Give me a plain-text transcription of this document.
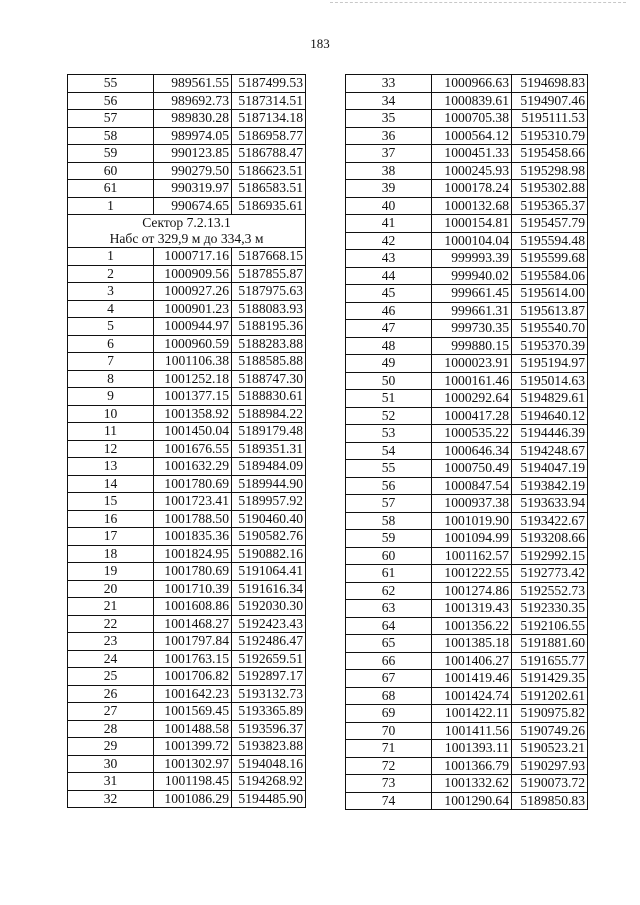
183
55	989561.55	5187499.53
56	989692.73	5187314.51
57	989830.28	5187134.18
58	989974.05	5186958.77
59	990123.85	5186788.47
60	990279.50	5186623.51
61	990319.97	5186583.51
1	990674.65	5186935.61

Сектор 7.2.13.1
Набс от 329,9 м до 334,3 м		

1	1000717.16	5187668.15
2	1000909.56	5187855.87
3	1000927.26	5187975.63
4	1000901.23	5188083.93
5	1000944.97	5188195.36
6	1000960.59	5188283.88
7	1001106.38	5188585.88
8	1001252.18	5188747.30
9	1001377.15	5188830.61
10	1001358.92	5188984.22
11	1001450.04	5189179.48
12	1001676.55	5189351.31
13	1001632.29	5189484.09
14	1001780.69	5189944.90
15	1001723.41	5189957.92
16	1001788.50	5190460.40
17	1001835.36	5190582.76
18	1001824.95	5190882.16
19	1001780.69	5191064.41
20	1001710.39	5191616.34
21	1001608.86	5192030.30
22	1001468.27	5192423.43
23	1001797.84	5192486.47
24	1001763.15	5192659.51
25	1001706.82	5192897.17
26	1001642.23	5193132.73
27	1001569.45	5193365.89
28	1001488.58	5193596.37
29	1001399.72	5193823.88
30	1001302.97	5194048.16
31	1001198.45	5194268.92
32	1001086.29	5194485.90
33	1000966.63	5194698.83
34	1000839.61	5194907.46
35	1000705.38	5195111.53
36	1000564.12	5195310.79
37	1000451.33	5195458.66
38	1000245.93	5195298.98
39	1000178.24	5195302.88
40	1000132.68	5195365.37
41	1000154.81	5195457.79
42	1000104.04	5195594.48
43	999993.39	5195599.68
44	999940.02	5195584.06
45	999661.45	5195614.00
46	999661.31	5195613.87
47	999730.35	5195540.70
48	999880.15	5195370.39
49	1000023.91	5195194.97
50	1000161.46	5195014.63
51	1000292.64	5194829.61
52	1000417.28	5194640.12
53	1000535.22	5194446.39
54	1000646.34	5194248.67
55	1000750.49	5194047.19
56	1000847.54	5193842.19
57	1000937.38	5193633.94
58	1001019.90	5193422.67
59	1001094.99	5193208.66
60	1001162.57	5192992.15
61	1001222.55	5192773.42
62	1001274.86	5192552.73
63	1001319.43	5192330.35
64	1001356.22	5192106.55
65	1001385.18	5191881.60
66	1001406.27	5191655.77
67	1001419.46	5191429.35
68	1001424.74	5191202.61
69	1001422.11	5190975.82
70	1001411.56	5190749.26
71	1001393.11	5190523.21
72	1001366.79	5190297.93
73	1001332.62	5190073.72
74	1001290.64	5189850.83
